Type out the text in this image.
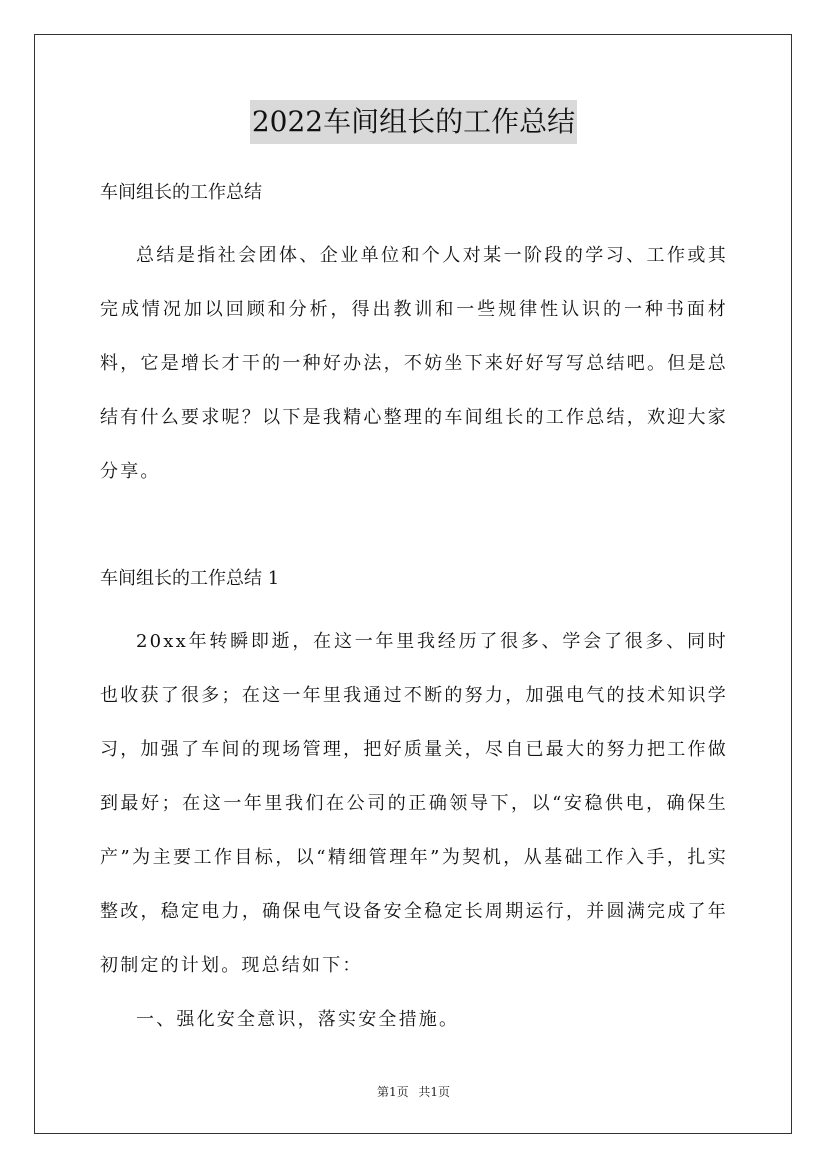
2022车间组长的工作总结

车间组长的工作总结

总结是指社会团体、企业单位和个人对某一阶段的学习、工作或其完成情况加以回顾和分析，得出教训和一些规律性认识的一种书面材料，它是增长才干的一种好办法，不妨坐下来好好写写总结吧。但是总结有什么要求呢？以下是我精心整理的车间组长的工作总结，欢迎大家分享。

车间组长的工作总结 1

20xx年转瞬即逝，在这一年里我经历了很多、学会了很多、同时也收获了很多；在这一年里我通过不断的努力，加强电气的技术知识学习，加强了车间的现场管理，把好质量关，尽自已最大的努力把工作做到最好；在这一年里我们在公司的正确领导下，以“安稳供电，确保生产”为主要工作目标，以“精细管理年”为契机，从基础工作入手，扎实整改，稳定电力，确保电气设备安全稳定长周期运行，并圆满完成了年初制定的计划。现总结如下：

一、强化安全意识，落实安全措施。

第1页 共1页
